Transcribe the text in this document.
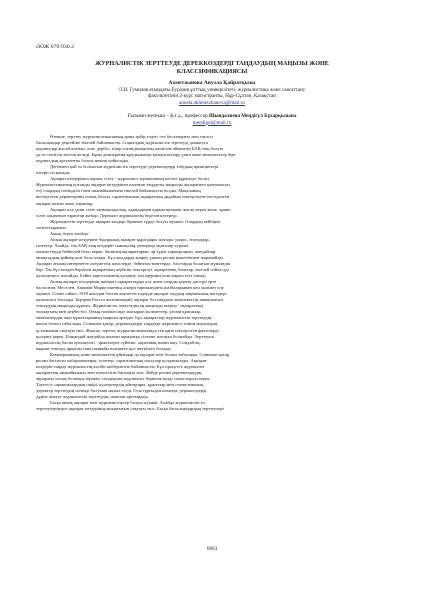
ӘОЖ 070:930.2
ЖУРНАЛИСТІК ЗЕРТТЕУДЕ ДЕРЕККӨЗДЕРДІ ТАҢДАУДЫҢ МАҢЫЗЫ ЖӘНЕ
КЛАССИФИКАЦИЯСЫ
Ахметжанова Ануэла Қайратқызы
Л.Н. Гумилев атындағы Еуразия ұлттық университеті, журналистика және саясаттану
факультетінің 2-курс магистранты, Нұр-Сұлтан, Қазақстан
anuela.akhmetzhanova@mail.ru
Ғылыми жетекші – ф.ғ.д., профессор Шындалиева Меңдігүл Бұхарқызына
mendigul@mail.ru

Өзекшe: зерттеу журналистикасының орны әрбір елдегі сөз бостандығы мен таулсіз

басылымдар деңгейіне тікелей байланысты. Социалдық журналистік зерттеуді дамытуға

журналдар жасай алатын, азат, дербес, пікір алуандылықтың жемісіне айналған БАҚ-тың болуы

да өз септігін тигізіп келеді. Бұны демократия құндылығын қалыптастыру үшін жеке мемлекеттер бірт

журналдың аргументы болуы мекені қойылады.

Дегенмен қай ел болмасын журналистік зерттеуде дереккөздерді табудың принциптері

өзгеріссіз қалады.

Ақпарат көздерімен жұмыс істеу - журналист жұмысының негізгі құрамдас бөлігі.

Журналистиканың қоғамды ақпарат көздерінен алынған таңдаулы маңызды ақпаратпен қамтамасыз

ету олардың сенімділігі мен шынайылығына тікелей байланысты болды. Мақаланың

негізделген деректерінің толық болуы, сараптамалық ақпараттың әрдайым тексерілуіне негізделген

ақпарат көзіне жеке тараптар.

Ақпарат алу үшін сілте танымалдылық, адамдармен қарым-қатынас жасау керек және, әрине,

сілте алынатын тараптар жатыр. Дереккөз журналистің беделін көтереді.

Журналистік зерттеуде ақпарат көздері бірнеше түрде болуы мүмкін. Олардың кейбірін

топтастырамыз.

Ашық дерек көздері

Ашық ақпарат көздеріне бұқаралық ақпарат құралдары жатады: радио, теледидар,

газеттер. Алайда, тек БАҚ-тың көздерін сынықтың, репортер оқиғалар туралы

мәліметтерді бейнелей білуі керек: биліктің ақпараттарын, әр түрлі тармақтарын, жағдайлар

анықтаудың қайнар көзі бола алады. Бұл жолдарда жаңыу үшкеп ресми қажеттікпен жарамайды.

Ақпарат ағымы интернетте әлеуметтік желілерде, бейнехостингтерде, блогтарда болатын мүмкіндік

бар. Тек бұл көзден берілген ақпараттың жүйелік тексерілуі, ақпараттық блоктар, тікелей сөйлесуді

дәлелдемесі жасайды. Бейне көрсетілімнің қолдану тәсілдерінің оған ықпал етуі тиімді.

Ашық ақпарат көздерінің ішіндегі ақпараттарды алу және оларды қорғау дәстүрі ерте

басталған. Меселен, Аммиан Марцеллиннің әскери тарихындағы жазбаларынан көп мәлімет алу

мүмкін. Соған сәйкес 1918 жылдан бастап көптеген елдерде ақпарат алудың заңнамалық негіздері

қалыптаса бастады. Бертран Рассел жазғанындай, ақпарат бостандығы мемлекеттің ашықтығын

тексерудің маңызды құралы. Журналистік зерттеудің ең маңызды шарты - ақпараттың

толықтығы мен дербестігі. Оның нәтижесінде жасырын мәліметтер, ресми құпиялар,

мекемелердің ішкі құжаттарының маңызы артады. Бұл ақпараттар журналистік зерттеудің

кепілі болып табылады. Сонымен қатар, дереккөздерді таңдауда журналист өзінің моральдық

ұстанымын сақтауы тиіс. Жалпы, зерттеу журналистикасында тек қана тексерілген фактілерді

қолдану керек. Ешқандай жағдайда жалған ақпаратқа сілтеме жасауға болмайды. Зерттеуші

журналистің басты ерекшелігі - фактілерге сүйеніп, оқиғаның мәнін ашу. Сондай-ақ,

мұқият тексеру арқылы ғана шынайы нәтижеге қол жеткізуге болады.

Коммерциялық және мемлекеттік ұйымдар да ақпарат көзі болып табылады. Сонымен қатар

ресми баспасөз хабарламалары, есептер, сараптамалық шолулар қолданылады. Ақпарат

көздерін таңдау журналистің кәсіби шеберлігіне байланысты. Бұл процесте журналист

ақпараттың шынайылығы мен өзектілігін бағалауы тиіс. Кейде ресми дереккөздердің

ақпараты толық болмауы мүмкін, сондықтан журналист бірнеше көзді салыстыруы керек.

Тәуелсіз сарапшылардың пікірі, куәгерлердің айғақтары, құжаттар мен статистикалық

деректер зерттеудің сенімді болуына ықпал етеді. Осы тұрғыдан алғанда, дереккөздерді

дұрыс жіктеу журналистік зерттеудің сапасын арттырады.

Басқа ашық ақпарат көзі журналистіктер болуы мүмкін. Алайда журналистік өз

зерттеулеріндегі ақпарат көздерінің ашықтығын сақтауы тиіс. Басқа басылымдардың зерттеулері

6863
